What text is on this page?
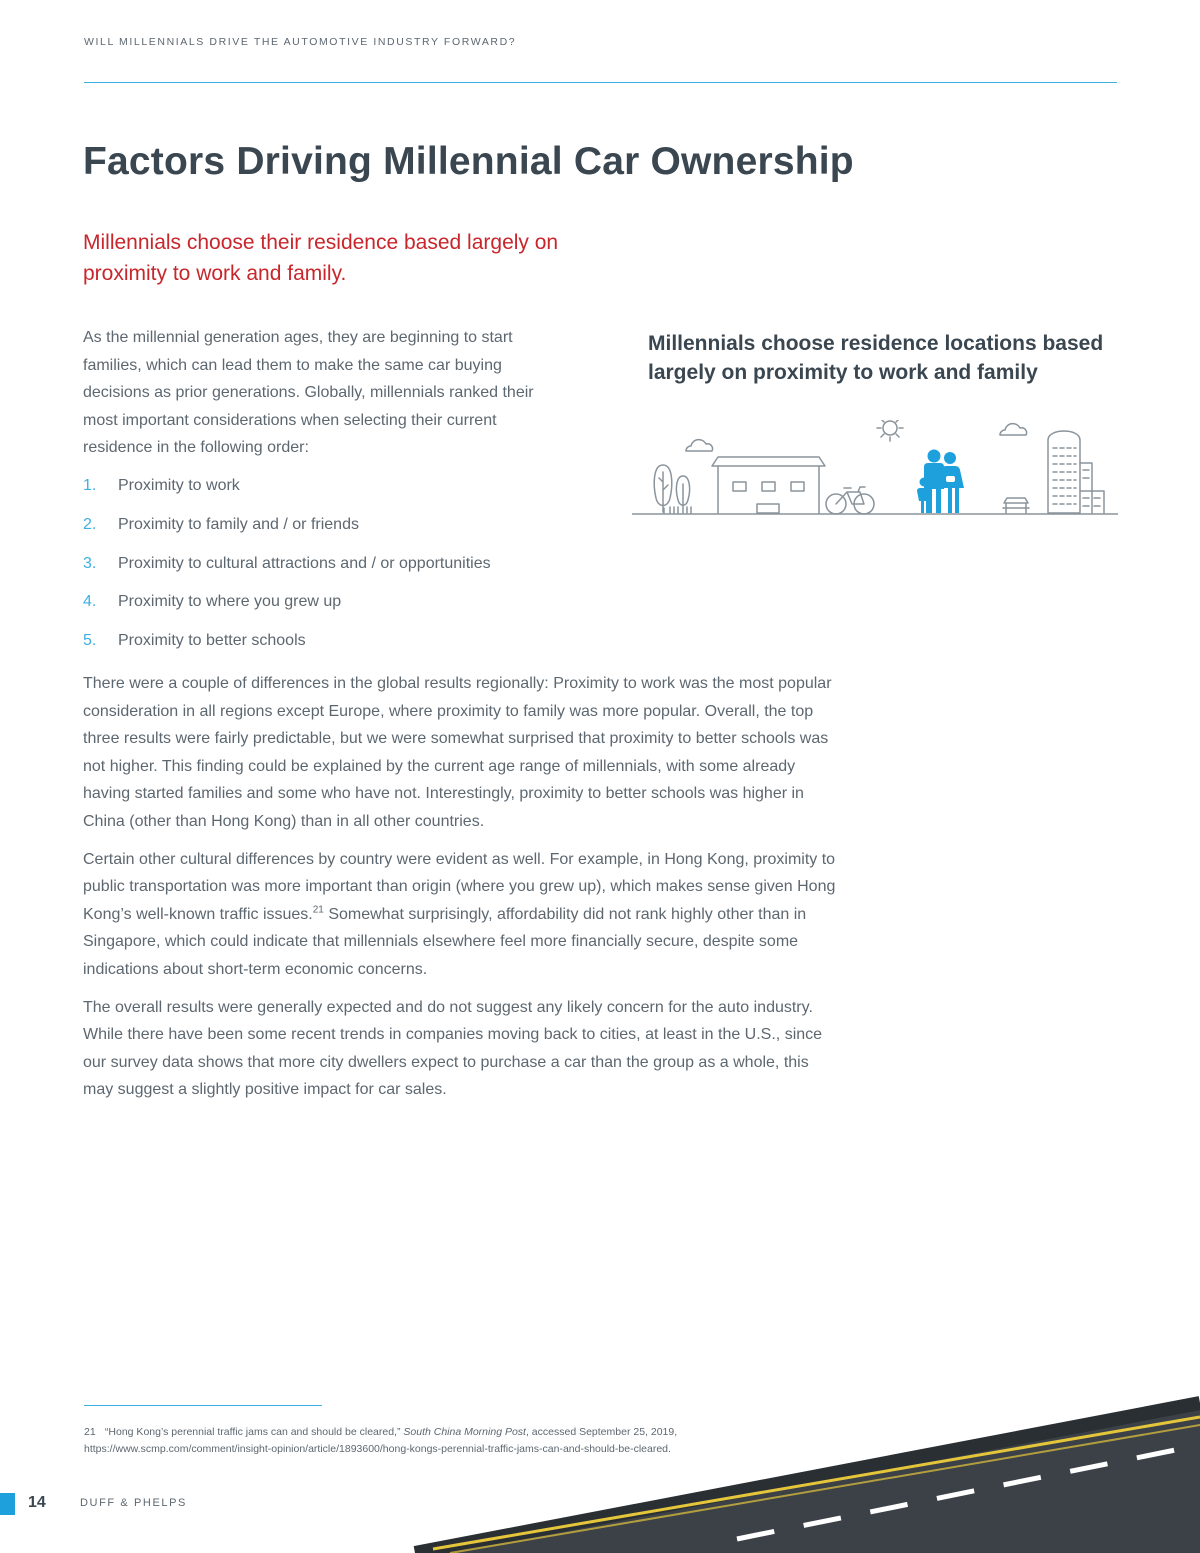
WILL MILLENNIALS DRIVE THE AUTOMOTIVE INDUSTRY FORWARD?
Factors Driving Millennial Car Ownership

Millennials choose their residence based largely on proximity to work and family.

As the millennial generation ages, they are beginning to start families, which can lead them to make the same car buying decisions as prior generations. Globally, millennials ranked their most important considerations when selecting their current residence in the following order:

1. Proximity to work
2. Proximity to family and / or friends
3. Proximity to cultural attractions and / or opportunities
4. Proximity to where you grew up
5. Proximity to better schools

There were a couple of differences in the global results regionally: Proximity to work was the most popular consideration in all regions except Europe, where proximity to family was more popular. Overall, the top three results were fairly predictable, but we were somewhat surprised that proximity to better schools was not higher. This finding could be explained by the current age range of millennials, with some already having started families and some who have not. Interestingly, proximity to better schools was higher in China (other than Hong Kong) than in all other countries.

Certain other cultural differences by country were evident as well. For example, in Hong Kong, proximity to public transportation was more important than origin (where you grew up), which makes sense given Hong Kong’s well-known traffic issues.$^{21}$ Somewhat surprisingly, affordability did not rank highly other than in Singapore, which could indicate that millennials elsewhere feel more financially secure, despite some indications about short-term economic concerns.

The overall results were generally expected and do not suggest any likely concern for the auto industry. While there have been some recent trends in companies moving back to cities, at least in the U.S., since our survey data shows that more city dwellers expect to purchase a car than the group as a whole, this may suggest a slightly positive impact for car sales.

Millennials choose residence locations based largely on proximity to work and family

21 “Hong Kong’s perennial traffic jams can and should be cleared,” South China Morning Post, accessed September 25, 2019, https://www.scmp.com/comment/insight-opinion/article/1893600/hong-kongs-perennial-traffic-jams-can-and-should-be-cleared.

14	DUFF & PHELPS
